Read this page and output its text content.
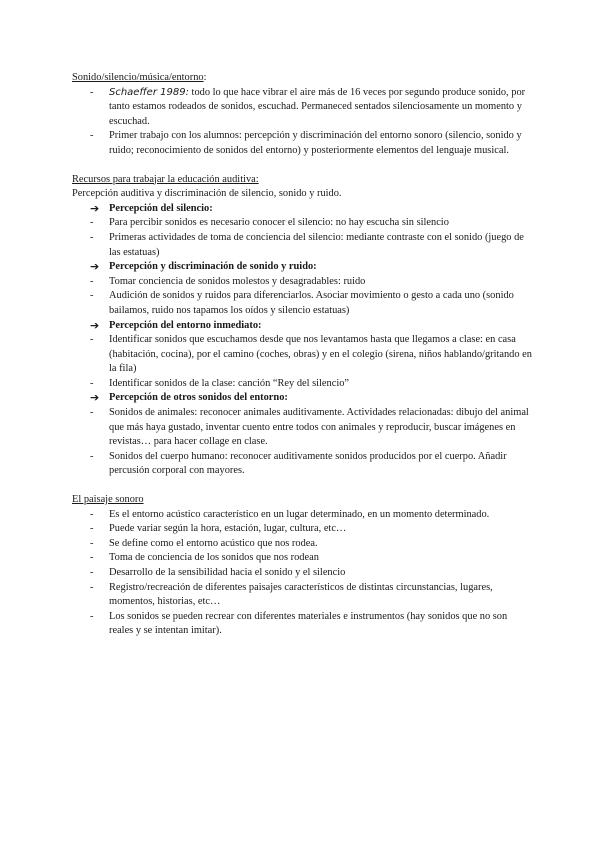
Sonido/silencio/música/entorno:

- Schaeffer 1989: todo lo que hace vibrar el aire más de 16 veces por segundo produce sonido, por tanto estamos rodeados de sonidos, escuchad. Permaneced sentados silenciosamente un momento y escuchad.
- Primer trabajo con los alumnos: percepción y discriminación del entorno sonoro (silencio, sonido y ruido; reconocimiento de sonidos del entorno) y posteriormente elementos del lenguaje musical.

Recursos para trabajar la educación auditiva:

Percepción auditiva y discriminación de silencio, sonido y ruido.

➔ Percepción del silencio:
- Para percibir sonidos es necesario conocer el silencio: no hay escucha sin silencio
- Primeras actividades de toma de conciencia del silencio: mediante contraste con el sonido (juego de las estatuas)
➔ Percepción y discriminación de sonido y ruido:
- Tomar conciencia de sonidos molestos y desagradables: ruido
- Audición de sonidos y ruidos para diferenciarlos. Asociar movimiento o gesto a cada uno (sonido bailamos, ruido nos tapamos los oídos y silencio estatuas)
➔ Percepción del entorno inmediato:
- Identificar sonidos que escuchamos desde que nos levantamos hasta que llegamos a clase: en casa (habitación, cocina), por el camino (coches, obras) y en el colegio (sirena, niños hablando/gritando en la fila)
- Identificar sonidos de la clase: canción “Rey del silencio”
➔ Percepción de otros sonidos del entorno:
- Sonidos de animales: reconocer animales auditivamente. Actividades relacionadas: dibujo del animal que más haya gustado, inventar cuento entre todos con animales y reproducir, buscar imágenes en revistas… para hacer collage en clase.
- Sonidos del cuerpo humano: reconocer auditivamente sonidos producidos por el cuerpo. Añadir percusión corporal con mayores.

El paisaje sonoro

- Es el entorno acústico característico en un lugar determinado, en un momento determinado.
- Puede variar según la hora, estación, lugar, cultura, etc…
- Se define como el entorno acústico que nos rodea.
- Toma de conciencia de los sonidos que nos rodean
- Desarrollo de la sensibilidad hacia el sonido y el silencio
- Registro/recreación de diferentes paisajes característicos de distintas circunstancias, lugares, momentos, historias, etc…
- Los sonidos se pueden recrear con diferentes materiales e instrumentos (hay sonidos que no son reales y se intentan imitar).
